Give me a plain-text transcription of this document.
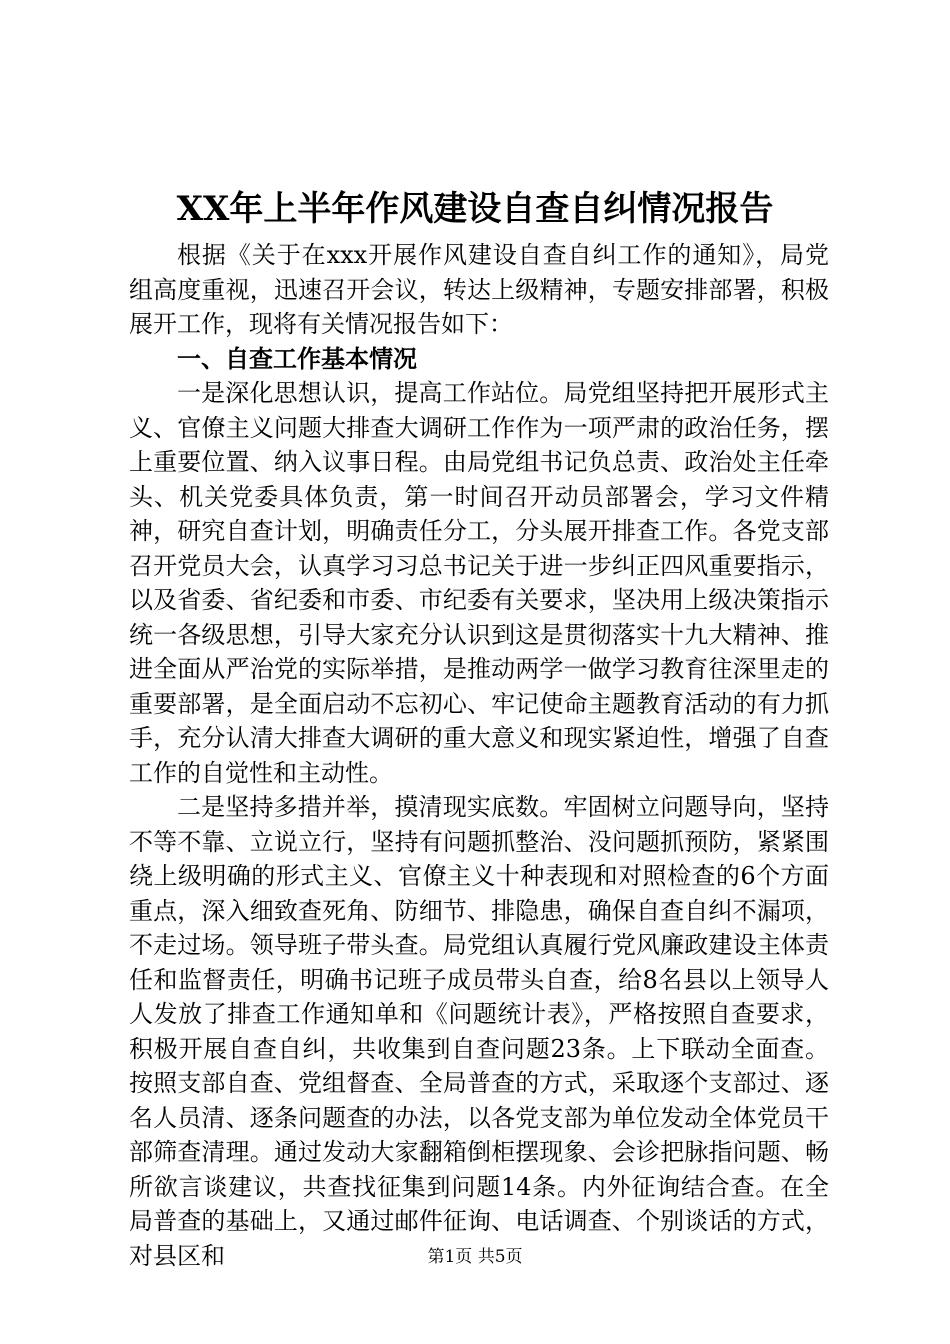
XX年上半年作风建设自查自纠情况报告

根据《关于在xxx开展作风建设自查自纠工作的通知》，局党组高度重视，迅速召开会议，转达上级精神，专题安排部署，积极展开工作，现将有关情况报告如下：

一、自查工作基本情况

一是深化思想认识，提高工作站位。局党组坚持把开展形式主义、官僚主义问题大排查大调研工作作为一项严肃的政治任务，摆上重要位置、纳入议事日程。由局党组书记负总责、政治处主任牵头、机关党委具体负责，第一时间召开动员部署会，学习文件精神，研究自查计划，明确责任分工，分头展开排查工作。各党支部召开党员大会，认真学习习总书记关于进一步纠正四风重要指示，以及省委、省纪委和市委、市纪委有关要求，坚决用上级决策指示统一各级思想，引导大家充分认识到这是贯彻落实十九大精神、推进全面从严治党的实际举措，是推动两学一做学习教育往深里走的重要部署，是全面启动不忘初心、牢记使命主题教育活动的有力抓手，充分认清大排查大调研的重大意义和现实紧迫性，增强了自查工作的自觉性和主动性。

二是坚持多措并举，摸清现实底数。牢固树立问题导向，坚持不等不靠、立说立行，坚持有问题抓整治、没问题抓预防，紧紧围绕上级明确的形式主义、官僚主义十种表现和对照检查的6个方面重点，深入细致查死角、防细节、排隐患，确保自查自纠不漏项，不走过场。领导班子带头查。局党组认真履行党风廉政建设主体责任和监督责任，明确书记班子成员带头自查，给8名县以上领导人人发放了排查工作通知单和《问题统计表》，严格按照自查要求，积极开展自查自纠，共收集到自查问题23条。上下联动全面查。按照支部自查、党组督查、全局普查的方式，采取逐个支部过、逐名人员清、逐条问题查的办法，以各党支部为单位发动全体党员干部筛查清理。通过发动大家翻箱倒柜摆现象、会诊把脉指问题、畅所欲言谈建议，共查找征集到问题14条。内外征询结合查。在全局普查的基础上，又通过邮件征询、电话调查、个别谈话的方式，对县区和	第1页 共5页
